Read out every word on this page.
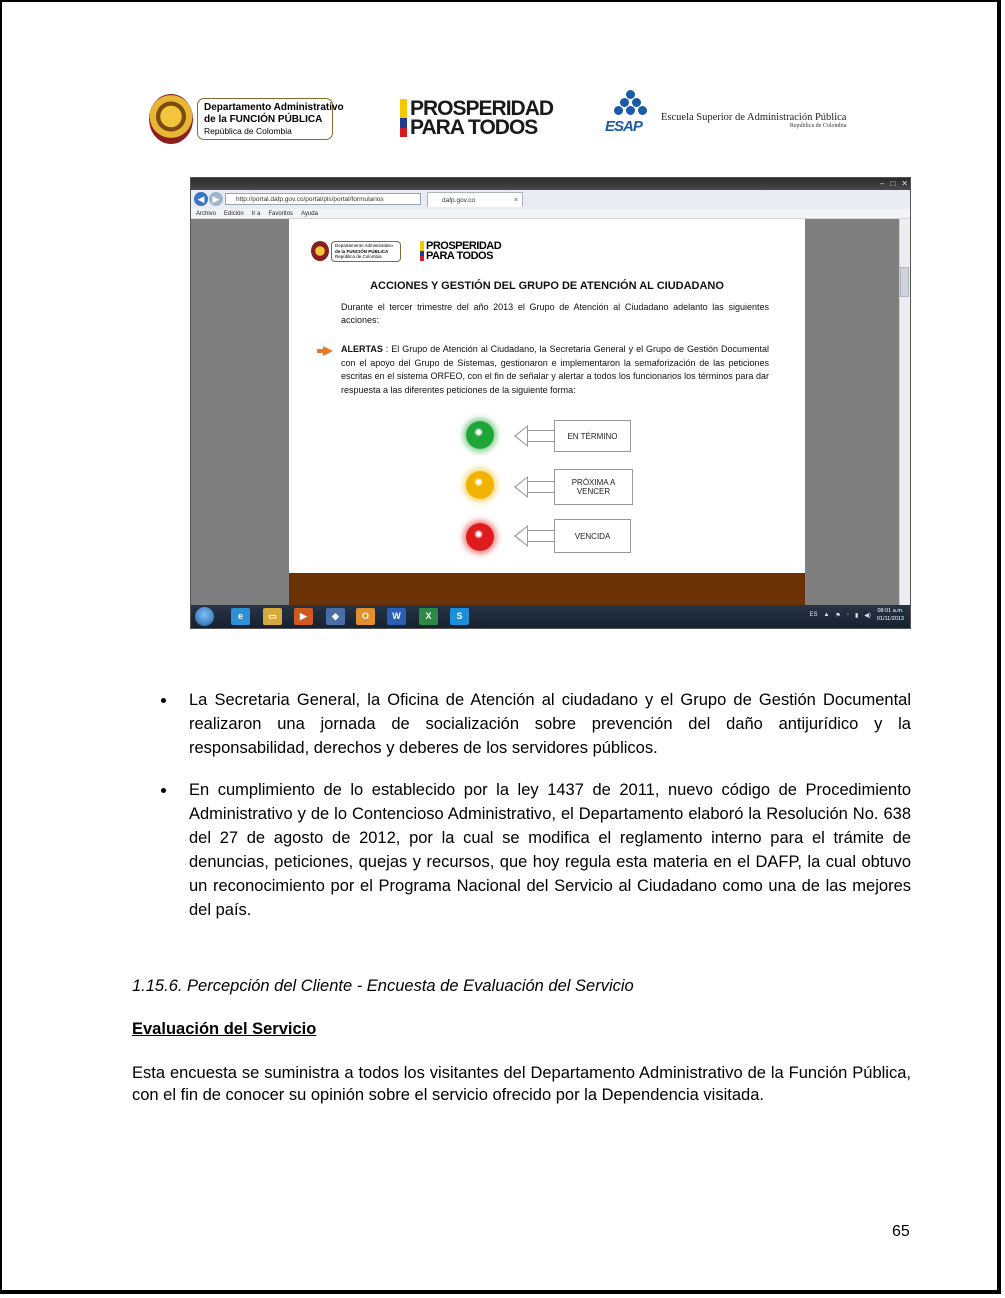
Departamento Administrativo
de la FUNCIÓN PÚBLICA
República de Colombia
PROSPERIDAD
PARA TODOS	ESAP
Escuela Superior de Administración Pública
República de Colombia
– □ ✕
◀ ▶	http://portal.dafp.gov.co/portal/pls/portal/formularios	dafp.gov.co	×
Archivo Edición Ir a Favoritos Ayuda
Departamento Administrativo
de la FUNCIÓN PÚBLICA
República de Colombia
PROSPERIDAD
PARA TODOS
ACCIONES Y GESTIÓN DEL GRUPO DE ATENCIÓN AL CIUDADANO
Durante el tercer trimestre del año 2013 el Grupo de Atención al Ciudadano adelanto las siguientes acciones:
ALERTAS : El Grupo de Atención al Ciudadano, la Secretaria General y el Grupo de Gestión Documental con el apoyo del Grupo de Sistemas, gestionaron e implementaron la semaforización de las peticiones escritas en el sistema ORFEO, con el fin de señalar y alertar a todos los funcionarios los términos para dar respuesta a las diferentes peticiones de la siguiente forma:
EN TÉRMINO
PRÓXIMA A VENCER
VENCIDA
e	▭	▶	◆	O	W	X	S	ES ▲ ⚑ ▪ ▮ ◀)
08:01 a.m.
01/11/2013
La Secretaria General, la Oficina de Atención al ciudadano y el Grupo de Gestión Documental realizaron una jornada de socialización sobre prevención del daño antijurídico y la responsabilidad, derechos y deberes de los servidores públicos.
En cumplimiento de lo establecido por la ley 1437 de 2011, nuevo código de Procedimiento Administrativo y de lo Contencioso Administrativo, el Departamento elaboró la Resolución No. 638 del 27 de agosto de 2012, por la cual se modifica el reglamento interno para el trámite de denuncias, peticiones, quejas y recursos, que hoy regula esta materia en el DAFP, la cual obtuvo un reconocimiento por el Programa Nacional del Servicio al Ciudadano como una de las mejores del país.
1.15.6. Percepción del Cliente - Encuesta de Evaluación del Servicio
Evaluación del Servicio
Esta encuesta se suministra a todos los visitantes del Departamento Administrativo de la Función Pública, con el fin de conocer su opinión sobre el servicio ofrecido por la Dependencia visitada.
65
